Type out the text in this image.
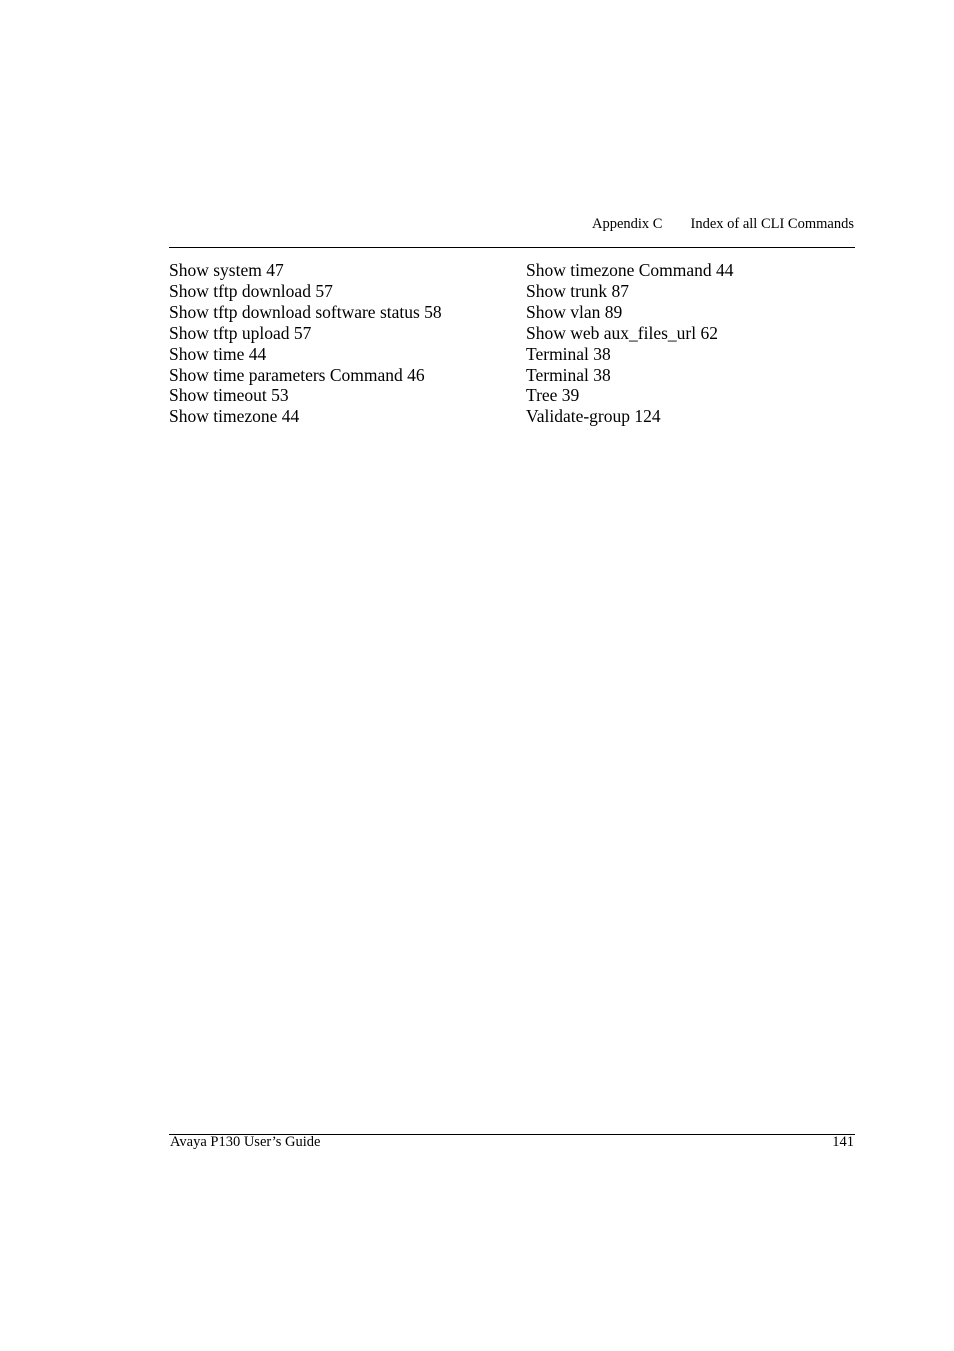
Appendix C Index of all CLI Commands
Show system 47
Show tftp download 57
Show tftp download software status 58
Show tftp upload 57
Show time 44
Show time parameters Command 46
Show timeout 53
Show timezone 44
Show timezone Command 44
Show trunk 87
Show vlan 89
Show web aux_files_url 62
Terminal 38
Terminal 38
Tree 39
Validate-group 124
Avaya P130 User’s Guide	141
